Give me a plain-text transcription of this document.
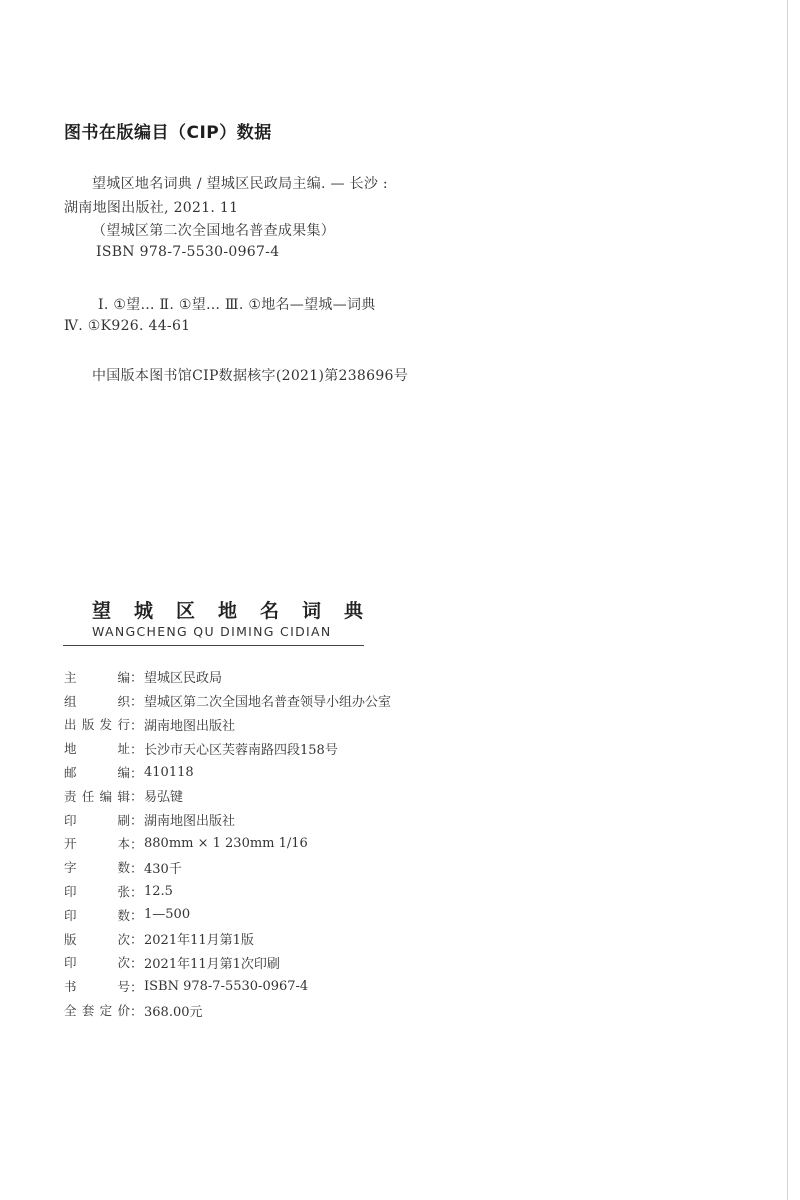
图书在版编目（CIP）数据
望城区地名词典 / 望城区民政局主编. — 长沙 :
湖南地图出版社, 2021. 11
（望城区第二次全国地名普查成果集）
ISBN 978-7-5530-0967-4
Ⅰ. ①望… Ⅱ. ①望… Ⅲ. ①地名—望城—词典
Ⅳ. ①K926. 44-61
中国版本图书馆CIP数据核字(2021)第238696号
望城区地名词典
WANGCHENG QU DIMING CIDIAN
主编 ： 望城区民政局
组织 ： 望城区第二次全国地名普查领导小组办公室
出版发行 ： 湖南地图出版社
地址 ： 长沙市天心区芙蓉南路四段158号
邮编 ： 410118
责任编辑 ： 易弘键
印刷 ： 湖南地图出版社
开本 ： 880mm × 1 230mm 1/16
字数 ： 430千
印张 ： 12.5
印数 ： 1—500
版次 ： 2021年11月第1版
印次 ： 2021年11月第1次印刷
书号 ： ISBN 978-7-5530-0967-4
全套定价 ： 368.00元
